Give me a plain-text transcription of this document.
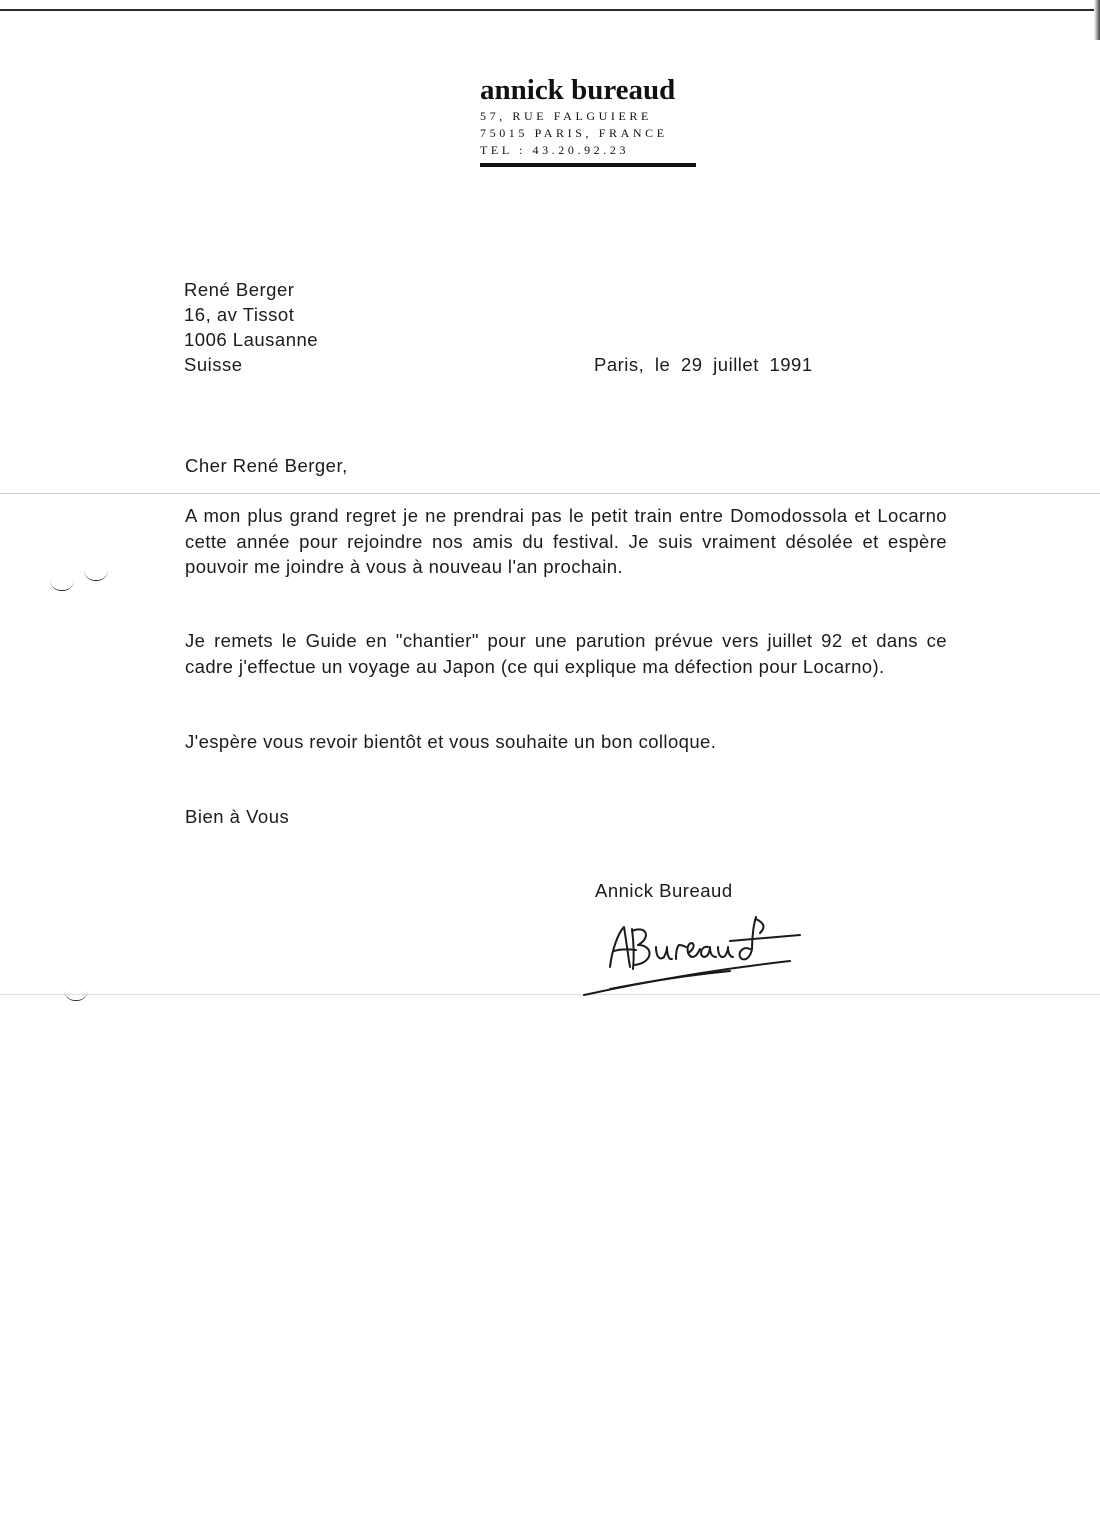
annick bureaud
57, RUE FALGUIERE
75015 PARIS, FRANCE
TEL : 43.20.92.23
René Berger
16, av Tissot
1006 Lausanne
Suisse	Paris, le 29 juillet 1991
Cher René Berger,
A mon plus grand regret je ne prendrai pas le petit train entre Domodossola et Locarno cette année pour rejoindre nos amis du festival. Je suis vraiment désolée et espère pouvoir me joindre à vous à nouveau l'an prochain.
Je remets le Guide en "chantier" pour une parution prévue vers juillet 92 et dans ce cadre j'effectue un voyage au Japon (ce qui explique ma défection pour Locarno).
J'espère vous revoir bientôt et vous souhaite un bon colloque.
Bien à Vous
Annick Bureaud
